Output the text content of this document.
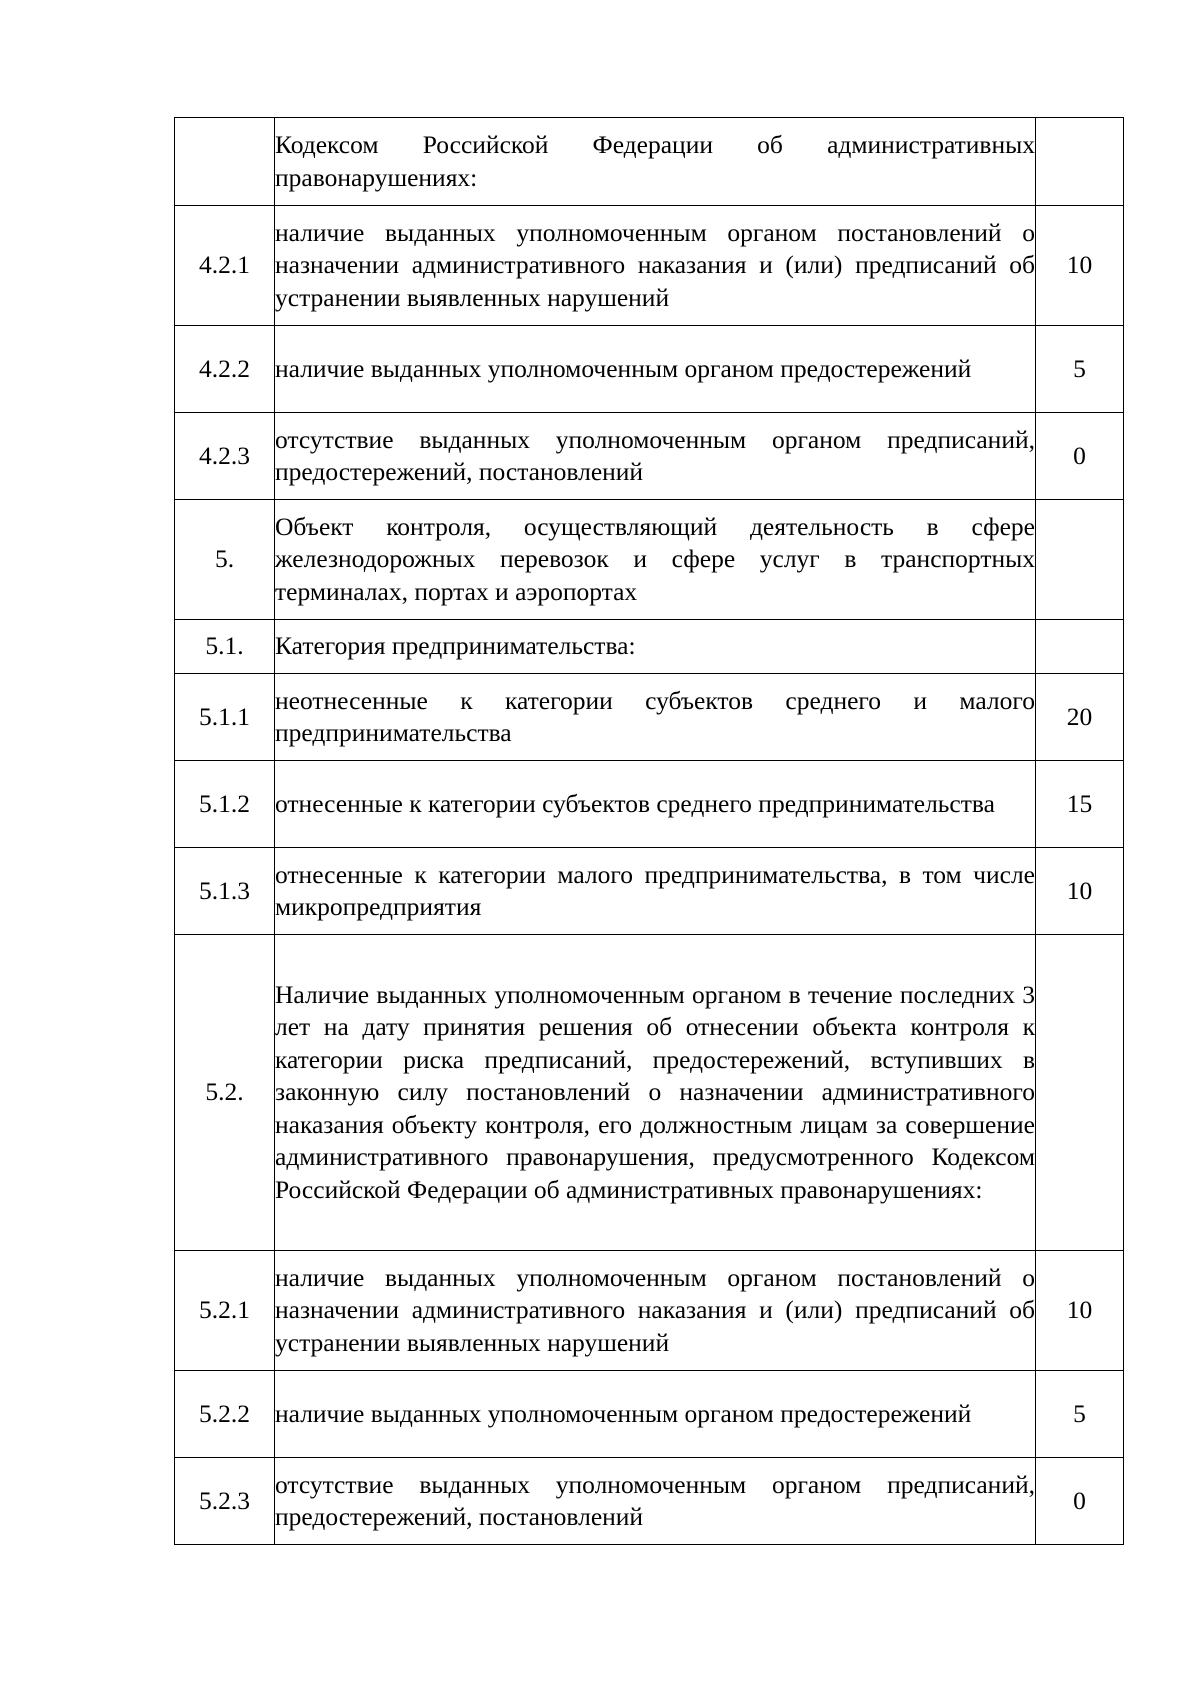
	Кодексом Российской Федерации об административных правонарушениях:	

4.2.1	наличие выданных уполномоченным органом постановлений о назначении административного наказания и (или) предписаний об устранении выявленных нарушений	10
4.2.2	наличие выданных уполномоченным органом предостережений	5
4.2.3	отсутствие выданных уполномоченным органом предписаний, предостережений, постановлений	0
5.	Объект контроля, осуществляющий деятельность в сфере железнодорожных перевозок и сфере услуг в транспортных терминалах, портах и аэропортах	

5.1.	Категория предпринимательства:	

5.1.1	неотнесенные к категории субъектов среднего и малого предпринимательства	20
5.1.2	отнесенные к категории субъектов среднего предпринимательства	15
5.1.3	отнесенные к категории малого предпринимательства, в том числе микропредприятия	10
5.2.	Наличие выданных уполномоченным органом в течение последних 3 лет на дату принятия решения об отнесении объекта контроля к категории риска предписаний, предостережений, вступивших в законную силу постановлений о назначении административного наказания объекту контроля, его должностным лицам за совершение административного правонарушения, предусмотренного Кодексом Российской Федерации об административных правонарушениях:	

5.2.1	наличие выданных уполномоченным органом постановлений о назначении административного наказания и (или) предписаний об устранении выявленных нарушений	10
5.2.2	наличие выданных уполномоченным органом предостережений	5
5.2.3	отсутствие выданных уполномоченным органом предписаний, предостережений, постановлений	0
